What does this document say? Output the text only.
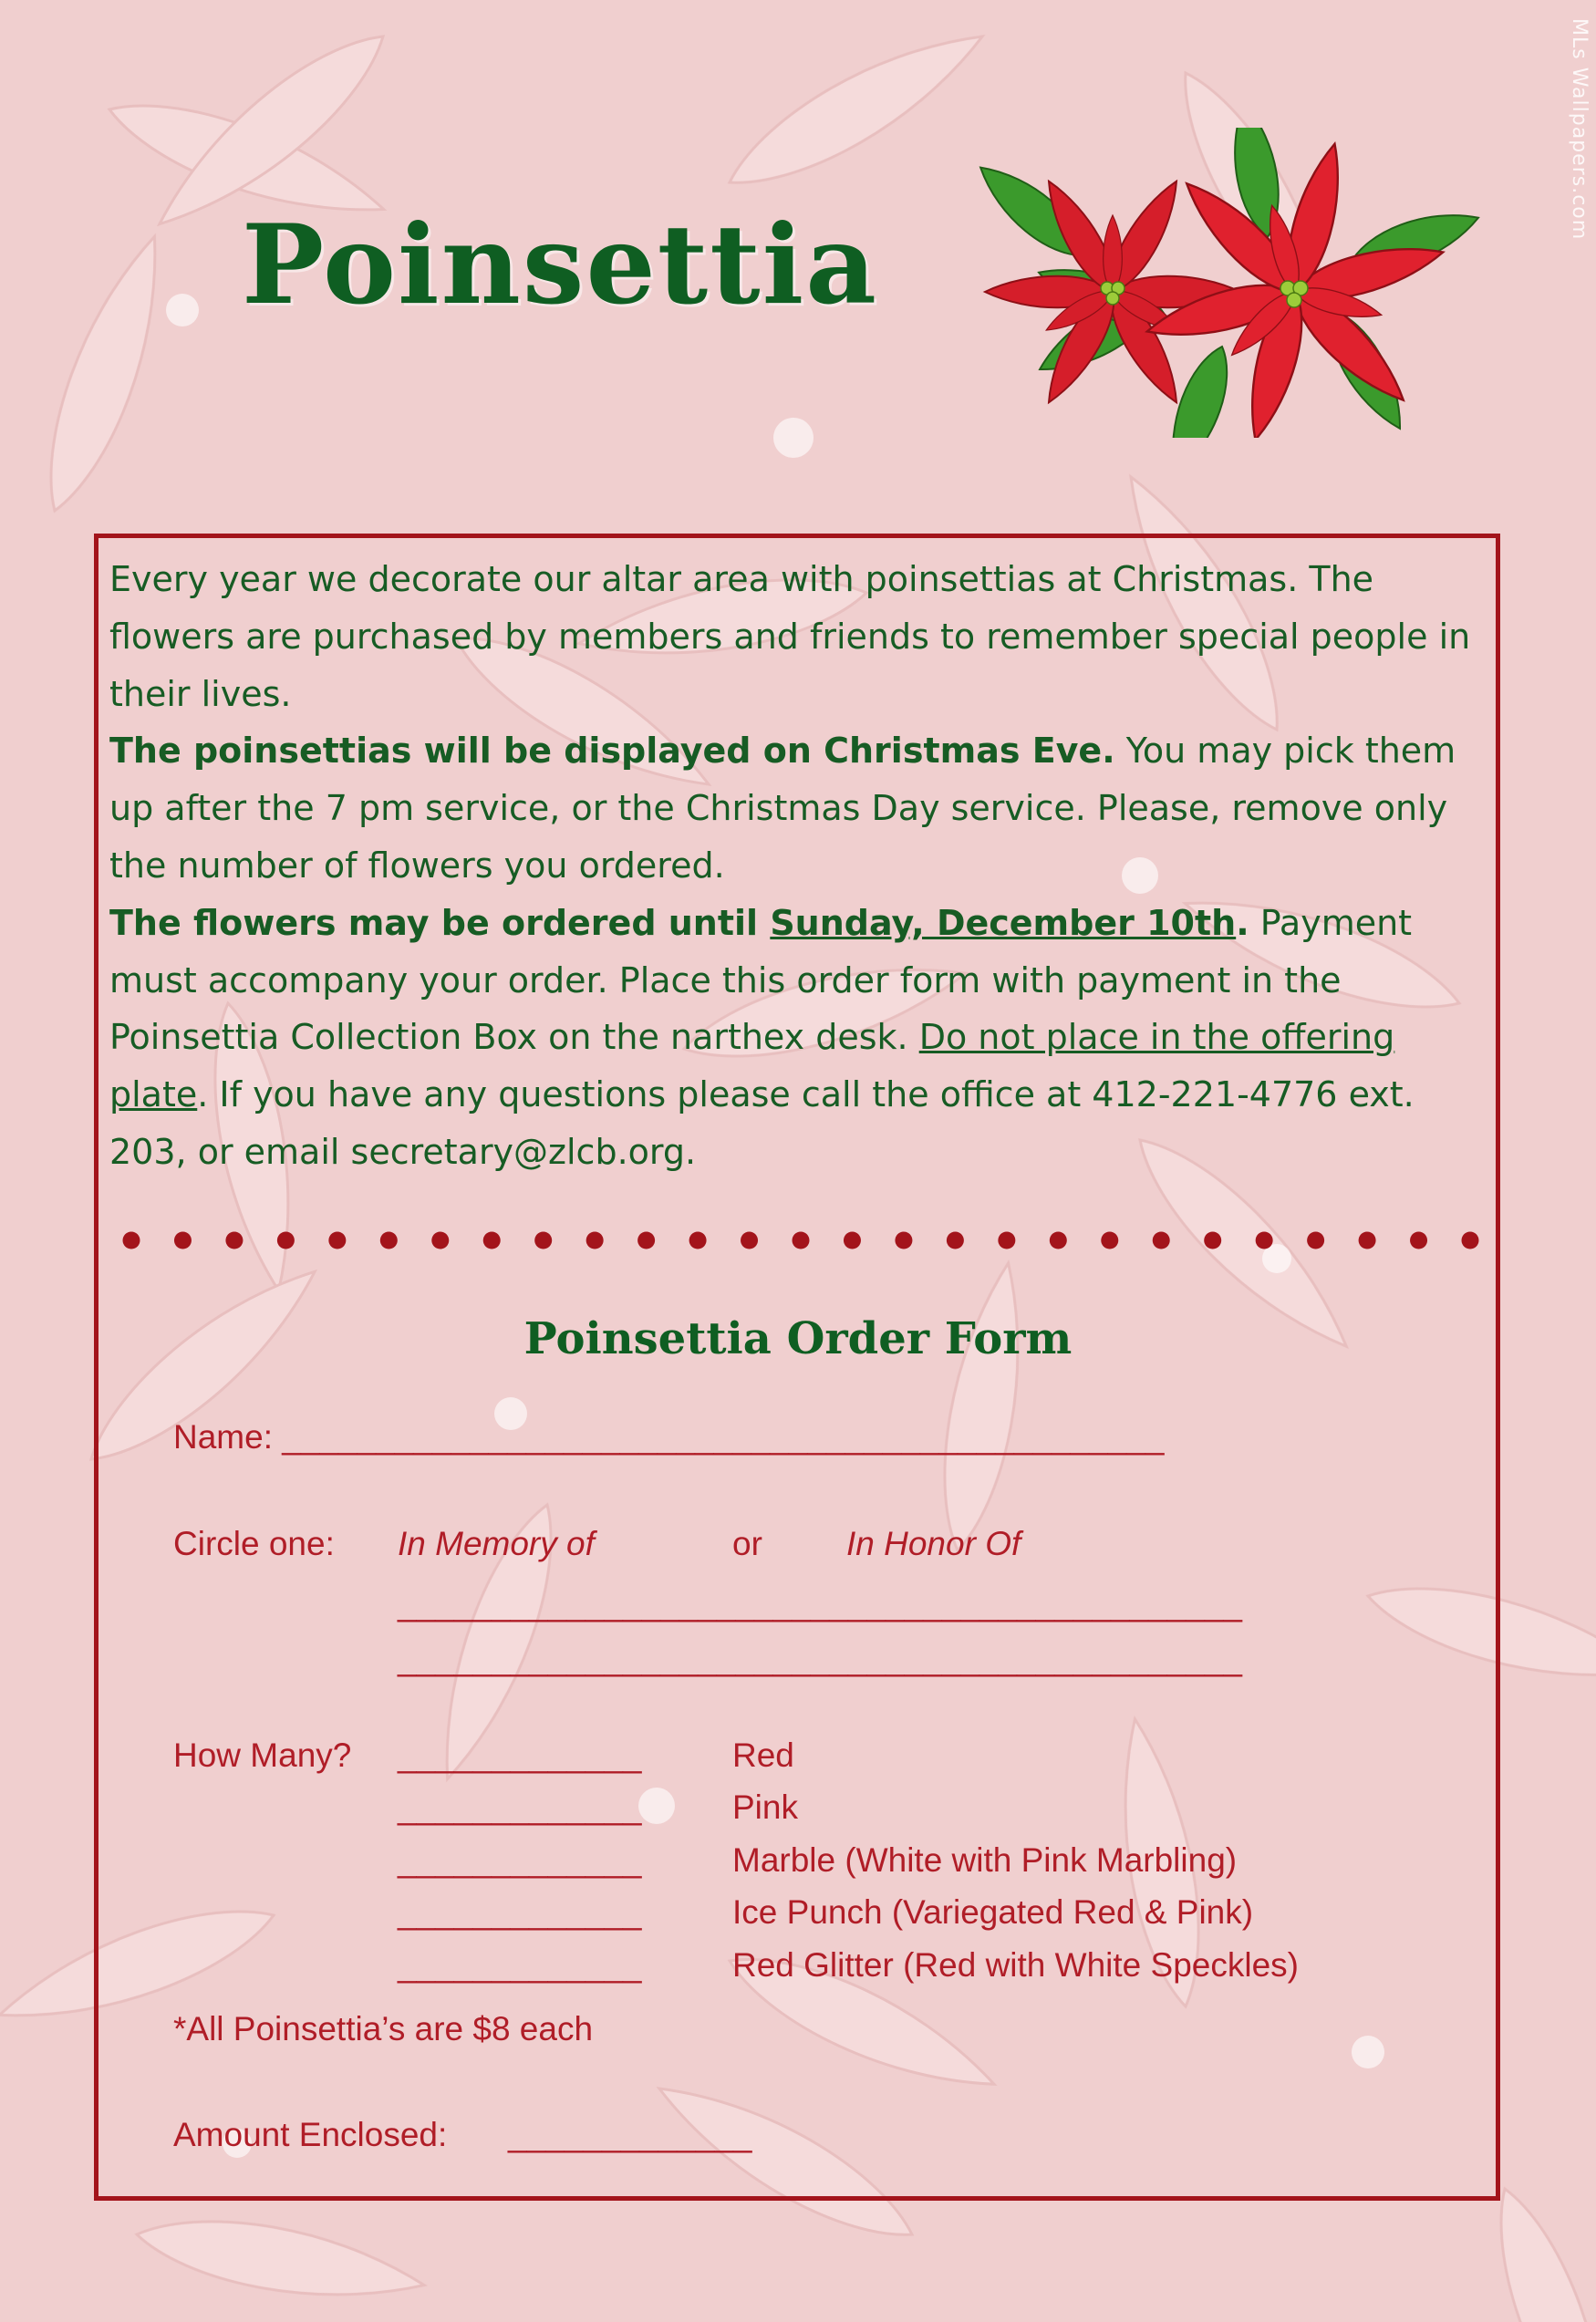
MLs Wallpapers.com
Poinsettia

Every year we decorate our altar area with poinsettias at Christmas. The flowers are purchased by members and friends to remember special people in their lives.

The poinsettias will be displayed on Christmas Eve. You may pick them up after the 7 pm service, or the Christmas Day service. Please, remove only the number of flowers you ordered.

The flowers may be ordered until Sunday, December 10th. Payment must accompany your order. Place this order form with payment in the Poinsettia Collection Box on the narthex desk. Do not place in the offering plate. If you have any questions please call the office at 412-221-4776 ext. 203, or email secretary@zlcb.org.

Poinsettia Order Form
Name: _______________________________________________
Circle one: In Memory of	or In Honor Of
_____________________________________________
_____________________________________________
How Many? _____________	Red
_____________	Pink
_____________	Marble (White with Pink Marbling)
_____________	Ice Punch (Variegated Red & Pink)
_____________	Red Glitter (Red with White Speckles)
*All Poinsettia’s are $8 each
Amount Enclosed: _____________
